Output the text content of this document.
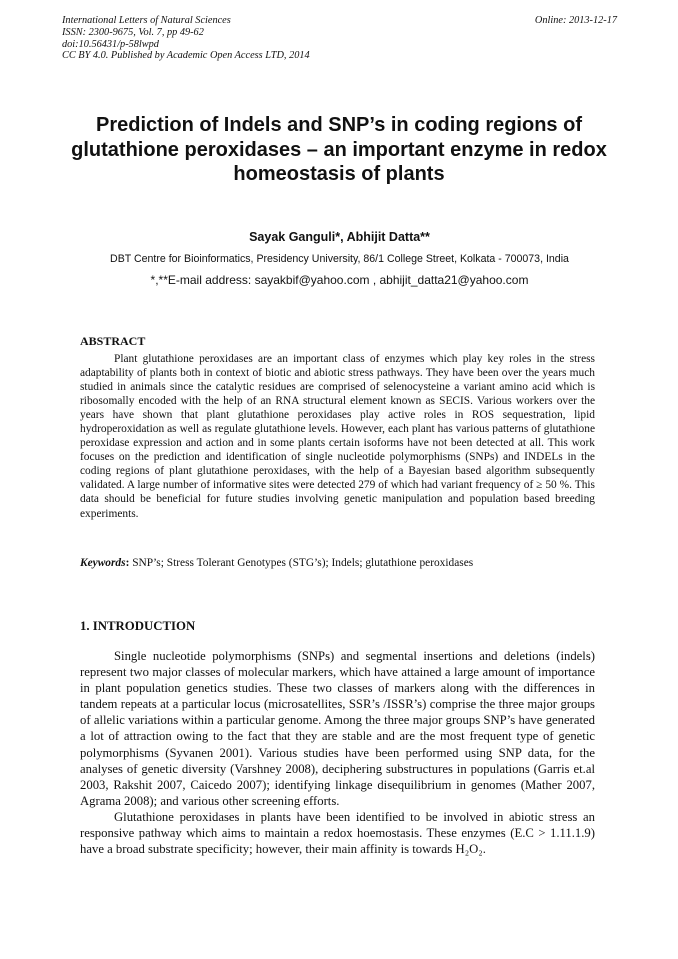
International Letters of Natural Sciences
ISSN: 2300-9675, Vol. 7, pp 49-62
doi:10.56431/p-58lwpd
CC BY 4.0. Published by Academic Open Access LTD, 2014
Online: 2013-12-17
Prediction of Indels and SNP’s in coding regions of glutathione peroxidases – an important enzyme in redox homeostasis of plants
Sayak Ganguli*, Abhijit Datta**
DBT Centre for Bioinformatics, Presidency University, 86/1 College Street, Kolkata - 700073, India
*,**E-mail address: sayakbif@yahoo.com , abhijit_datta21@yahoo.com
ABSTRACT

Plant glutathione peroxidases are an important class of enzymes which play key roles in the stress adaptability of plants both in context of biotic and abiotic stress pathways. They have been over the years much studied in animals since the catalytic residues are comprised of selenocysteine a variant amino acid which is ribosomally encoded with the help of an RNA structural element known as SECIS. Various workers over the years have shown that plant glutathione peroxidases play active roles in ROS sequestration, lipid hydroperoxidation as well as regulate glutathione levels. However, each plant has various patterns of glutathione peroxidase expression and action and in some plants certain isoforms have not been detected at all. This work focuses on the prediction and identification of single nucleotide polymorphisms (SNPs) and INDELs in the coding regions of plant glutathione peroxidases, with the help of a Bayesian based algorithm subsequently validated. A large number of informative sites were detected 279 of which had variant frequency of ≥ 50 %. This data should be beneficial for future studies involving genetic manipulation and population based breeding experiments.

Keywords: SNP’s; Stress Tolerant Genotypes (STG’s); Indels; glutathione peroxidases
1. INTRODUCTION

Single nucleotide polymorphisms (SNPs) and segmental insertions and deletions (indels) represent two major classes of molecular markers, which have attained a large amount of importance in plant population genetics studies. These two classes of markers along with the differences in tandem repeats at a particular locus (microsatellites, SSR’s /ISSR’s) comprise the three major groups of allelic variations within a particular genome. Among the three major groups SNP’s have generated a lot of attraction owing to the fact that they are stable and are the most frequent type of genetic polymorphisms (Syvanen 2001). Various studies have been performed using SNP data, for the analyses of genetic diversity (Varshney 2008), deciphering substructures in populations (Garris et.al 2003, Rakshit 2007, Caicedo 2007); identifying linkage disequilibrium in genomes (Mather 2007, Agrama 2008); and various other screening efforts.

Glutathione peroxidases in plants have been identified to be involved in abiotic stress an responsive pathway which aims to maintain a redox hoemostasis. These enzymes (E.C > 1.11.1.9) have a broad substrate specificity; however, their main affinity is towards H₂O₂.
